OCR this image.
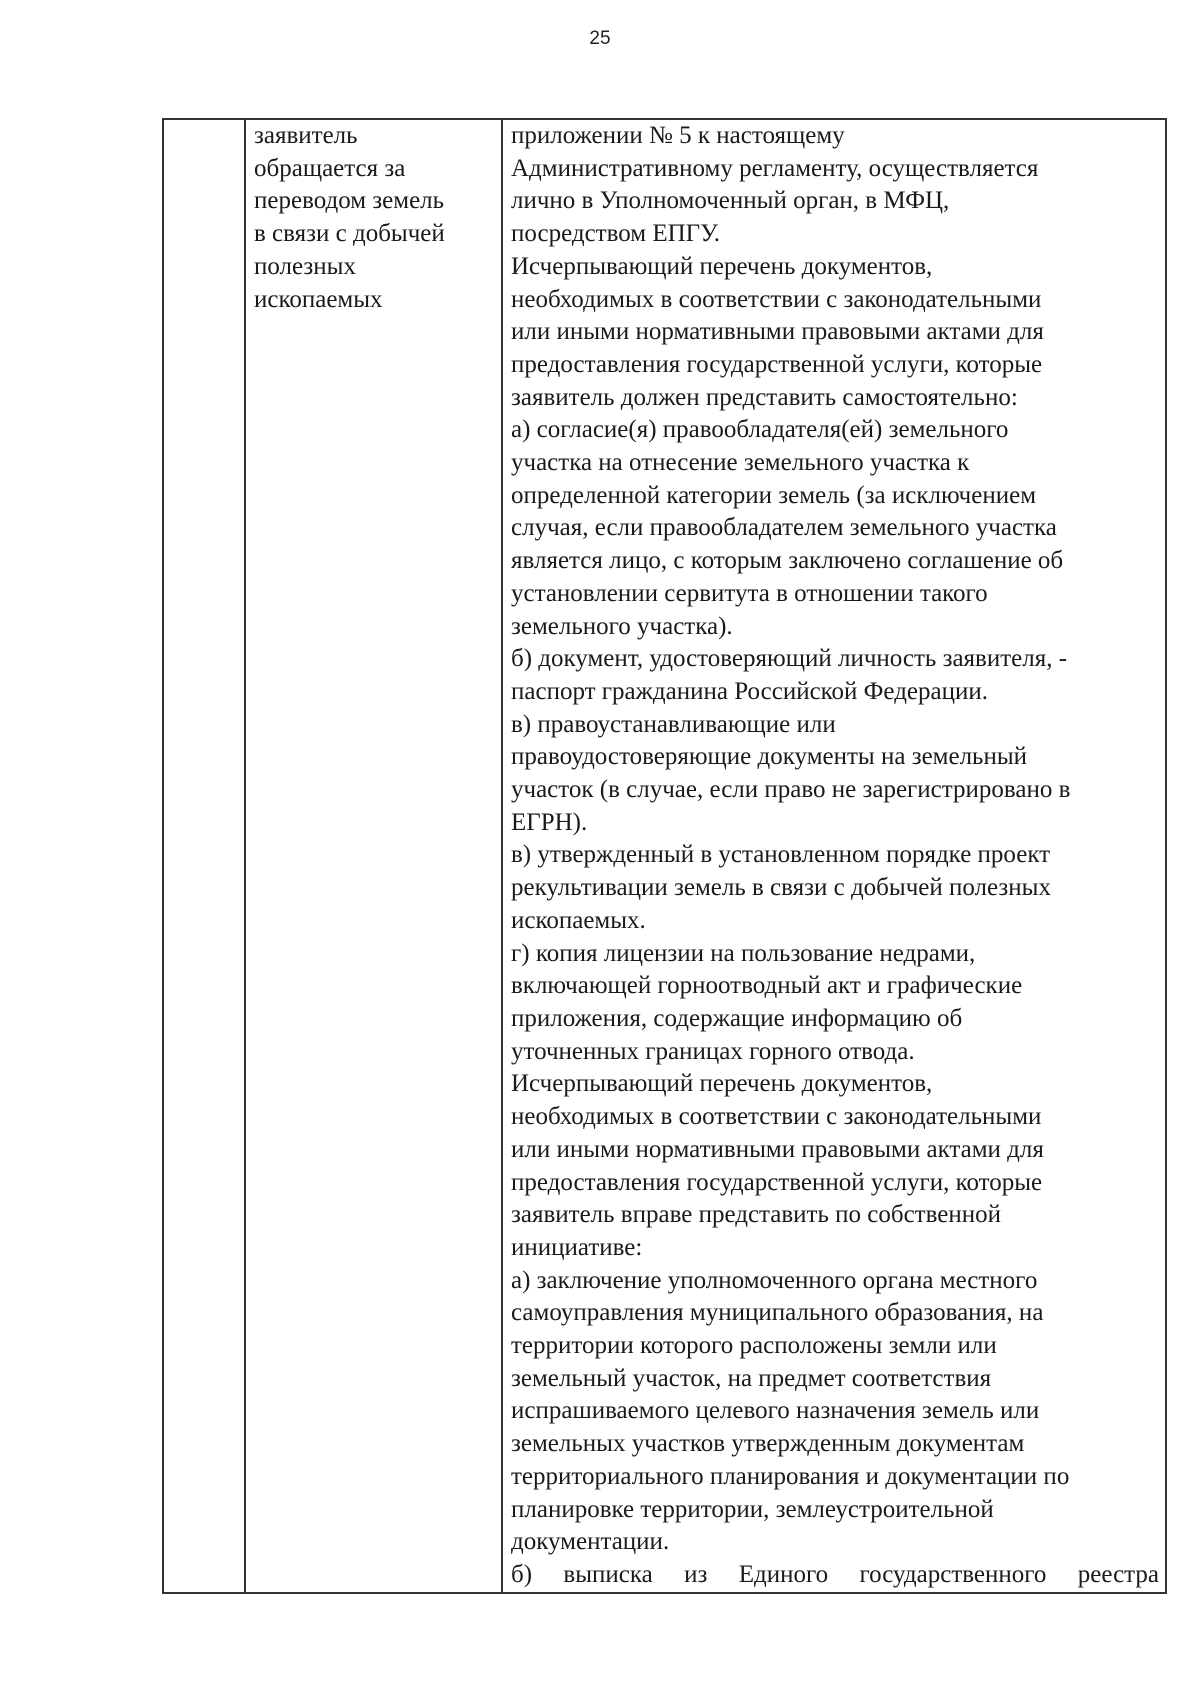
25

заявитель
обращается за
переводом земель
в связи с добычей
полезных
ископаемых

приложении № 5 к настоящему
Административному регламенту, осуществляется
лично в Уполномоченный орган, в МФЦ,
посредством ЕПГУ.
Исчерпывающий перечень документов,
необходимых в соответствии с законодательными
или иными нормативными правовыми актами для
предоставления государственной услуги, которые
заявитель должен представить самостоятельно:
а) согласие(я) правообладателя(ей) земельного
участка на отнесение земельного участка к
определенной категории земель (за исключением
случая, если правообладателем земельного участка
является лицо, с которым заключено соглашение об
установлении сервитута в отношении такого
земельного участка).
б) документ, удостоверяющий личность заявителя, -
паспорт гражданина Российской Федерации.
в) правоустанавливающие или
правоудостоверяющие документы на земельный
участок (в случае, если право не зарегистрировано в
ЕГРН).
в) утвержденный в установленном порядке проект
рекультивации земель в связи с добычей полезных
ископаемых.
г) копия лицензии на пользование недрами,
включающей горноотводный акт и графические
приложения, содержащие информацию об
уточненных границах горного отвода.
Исчерпывающий перечень документов,
необходимых в соответствии с законодательными
или иными нормативными правовыми актами для
предоставления государственной услуги, которые
заявитель вправе представить по собственной
инициативе:
а) заключение уполномоченного органа местного
самоуправления муниципального образования, на
территории которого расположены земли или
земельный участок, на предмет соответствия
испрашиваемого целевого назначения земель или
земельных участков утвержденным документам
территориального планирования и документации по
планировке территории, землеустроительной
документации.
б) выписка из Единого государственного реестра
